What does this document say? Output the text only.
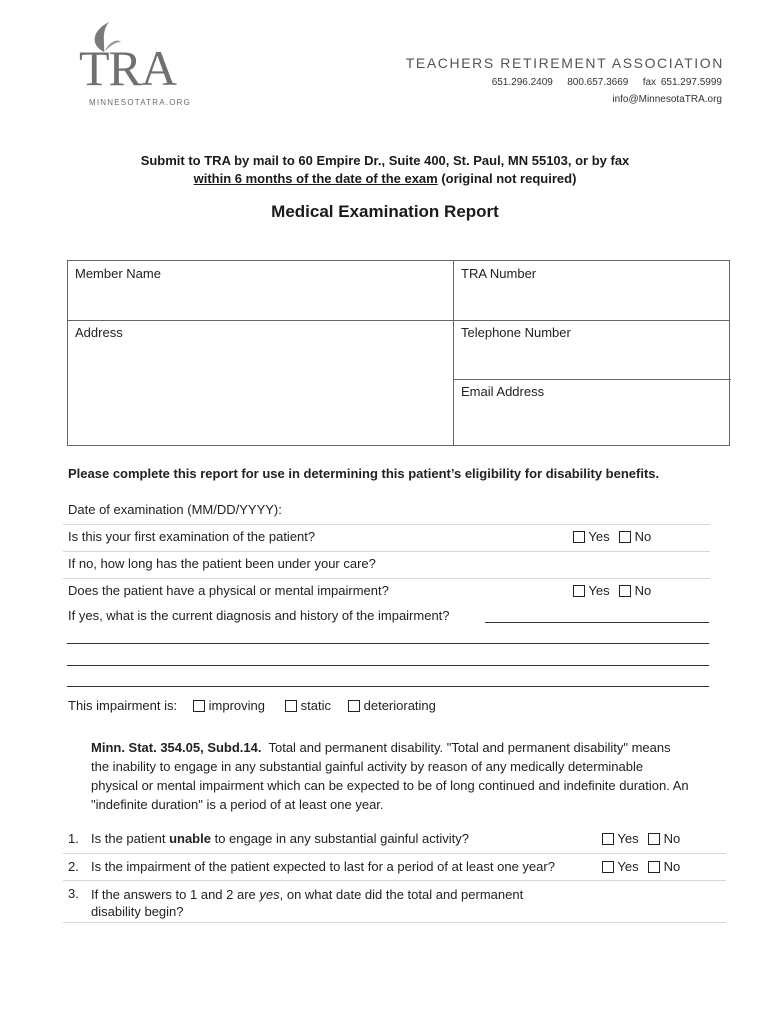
TRA
MINNESOTATRA.ORG
TEACHERS RETIREMENT ASSOCIATION
651.296.2409   800.657.3669   fax 651.297.5999
info@MinnesotaTRA.org
Submit to TRA by mail to 60 Empire Dr., Suite 400, St. Paul, MN 55103, or by fax
within 6 months of the date of the exam (original not required)
Medical Examination Report
Member Name	TRA Number
Address	Telephone Number
Email Address
Please complete this report for use in determining this patient’s eligibility for disability benefits.
Date of examination (MM/DD/YYYY):
Is this your first examination of the patient?	Yes	No
If no, how long has the patient been under your care?
Does the patient have a physical or mental impairment?	Yes	No
If yes, what is the current diagnosis and history of the impairment?
This impairment is:	improving	static	deteriorating
Minn. Stat. 354.05, Subd.14.  Total and permanent disability. "Total and permanent disability" means the inability to engage in any substantial gainful activity by reason of any medically determinable physical or mental impairment which can be expected to be of long continued and indefinite duration. An "indefinite duration" is a period of at least one year.
1. Is the patient unable to engage in any substantial gainful activity?	Yes	No
2. Is the impairment of the patient expected to last for a period of at least one year?	Yes	No
3. If the answers to 1 and 2 are yes, on what date did the total and permanent
disability begin?
